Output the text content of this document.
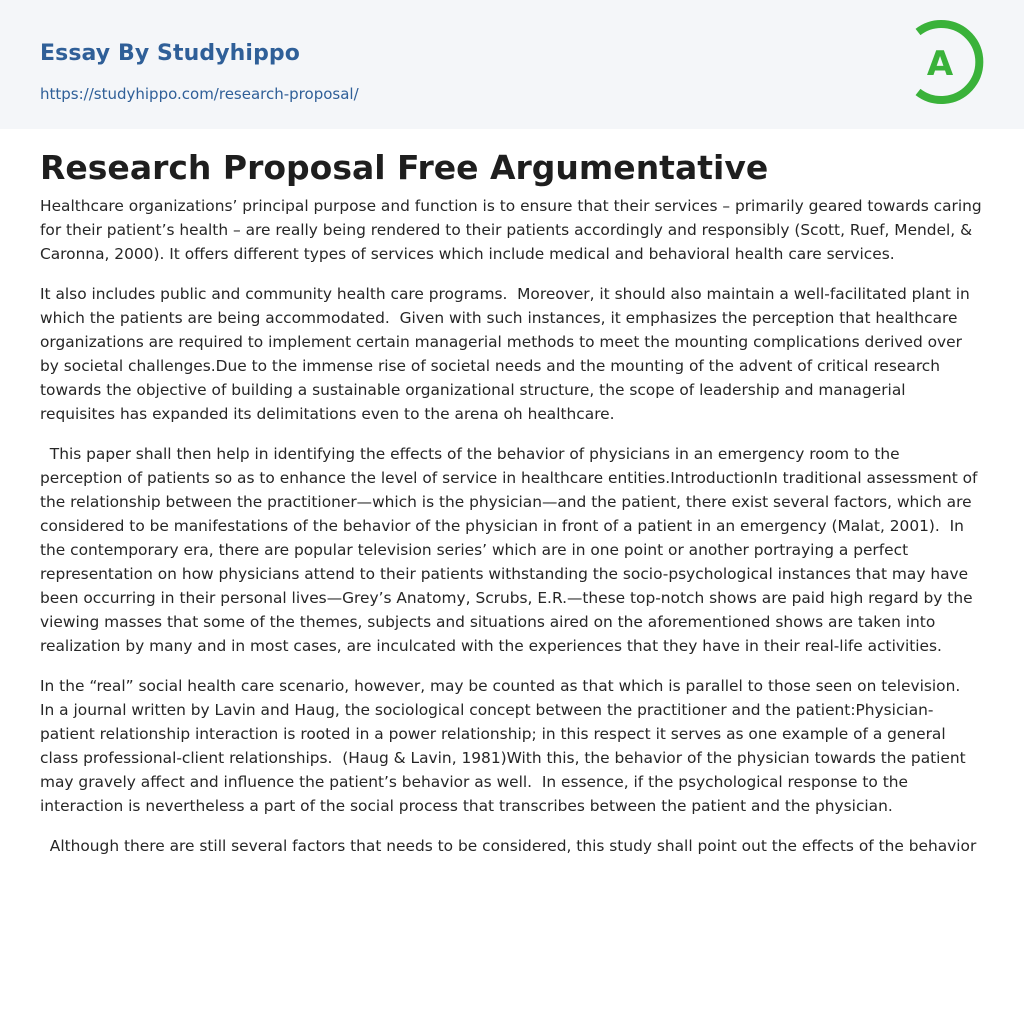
Essay By Studyhippo
https://studyhippo.com/research-proposal/
A
Research Proposal Free Argumentative

Healthcare organizations’ principal purpose and function is to ensure that their services – primarily geared towards caring for their patient’s health – are really being rendered to their patients accordingly and responsibly (Scott, Ruef, Mendel, & Caronna, 2000). It offers different types of services which include medical and behavioral health care services.

It also includes public and community health care programs.  Moreover, it should also maintain a well-facilitated plant in which the patients are being accommodated.  Given with such instances, it emphasizes the perception that healthcare organizations are required to implement certain managerial methods to meet the mounting complications derived over by societal challenges.Due to the immense rise of societal needs and the mounting of the advent of critical research towards the objective of building a sustainable organizational structure, the scope of leadership and managerial requisites has expanded its delimitations even to the arena oh healthcare.

This paper shall then help in identifying the effects of the behavior of physicians in an emergency room to the perception of patients so as to enhance the level of service in healthcare entities.IntroductionIn traditional assessment of the relationship between the practitioner—which is the physician—and the patient, there exist several factors, which are considered to be manifestations of the behavior of the physician in front of a patient in an emergency (Malat, 2001).  In the contemporary era, there are popular television series’ which are in one point or another portraying a perfect representation on how physicians attend to their patients withstanding the socio-psychological instances that may have been occurring in their personal lives—Grey’s Anatomy, Scrubs, E.R.—these top-notch shows are paid high regard by the viewing masses that some of the themes, subjects and situations aired on the aforementioned shows are taken into realization by many and in most cases, are inculcated with the experiences that they have in their real-life activities.

In the “real” social health care scenario, however, may be counted as that which is parallel to those seen on television.  In a journal written by Lavin and Haug, the sociological concept between the practitioner and the patient:Physician-patient relationship interaction is rooted in a power relationship; in this respect it serves as one example of a general class professional-client relationships.  (Haug & Lavin, 1981)With this, the behavior of the physician towards the patient may gravely affect and influence the patient’s behavior as well.  In essence, if the psychological response to the interaction is nevertheless a part of the social process that transcribes between the patient and the physician.

Although there are still several factors that needs to be considered, this study shall point out the effects of the behavior
